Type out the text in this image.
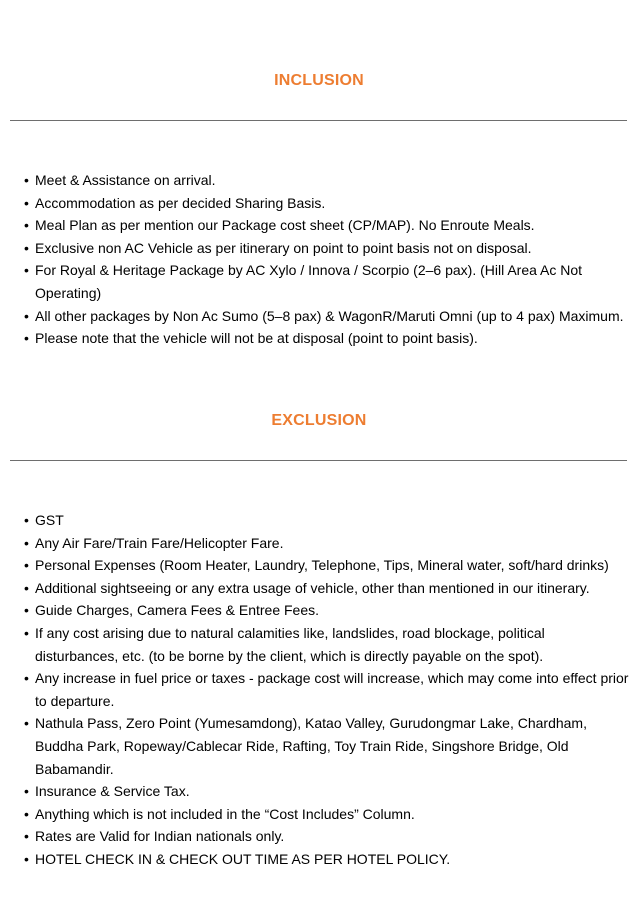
INCLUSION
• Meet & Assistance on arrival.
• Accommodation as per decided Sharing Basis.
• Meal Plan as per mention our Package cost sheet (CP/MAP). No Enroute Meals.
• Exclusive non AC Vehicle as per itinerary on point to point basis not on disposal.
• For Royal & Heritage Package by AC Xylo / Innova / Scorpio (2–6 pax). (Hill Area Ac Not Operating)
• All other packages by Non Ac Sumo (5–8 pax) & WagonR/Maruti Omni (up to 4 pax) Maximum.
• Please note that the vehicle will not be at disposal (point to point basis).
EXCLUSION
• GST
• Any Air Fare/Train Fare/Helicopter Fare.
• Personal Expenses (Room Heater, Laundry, Telephone, Tips, Mineral water, soft/hard drinks)
• Additional sightseeing or any extra usage of vehicle, other than mentioned in our itinerary.
• Guide Charges, Camera Fees & Entree Fees.
• If any cost arising due to natural calamities like, landslides, road blockage, political disturbances, etc. (to be borne by the client, which is directly payable on the spot).
• Any increase in fuel price or taxes - package cost will increase, which may come into effect prior to departure.
• Nathula Pass, Zero Point (Yumesamdong), Katao Valley, Gurudongmar Lake, Chardham, Buddha Park, Ropeway/Cablecar Ride, Rafting, Toy Train Ride, Singshore Bridge, Old Babamandir.
• Insurance & Service Tax.
• Anything which is not included in the “Cost Includes” Column.
• Rates are Valid for Indian nationals only.
• HOTEL CHECK IN & CHECK OUT TIME AS PER HOTEL POLICY.
